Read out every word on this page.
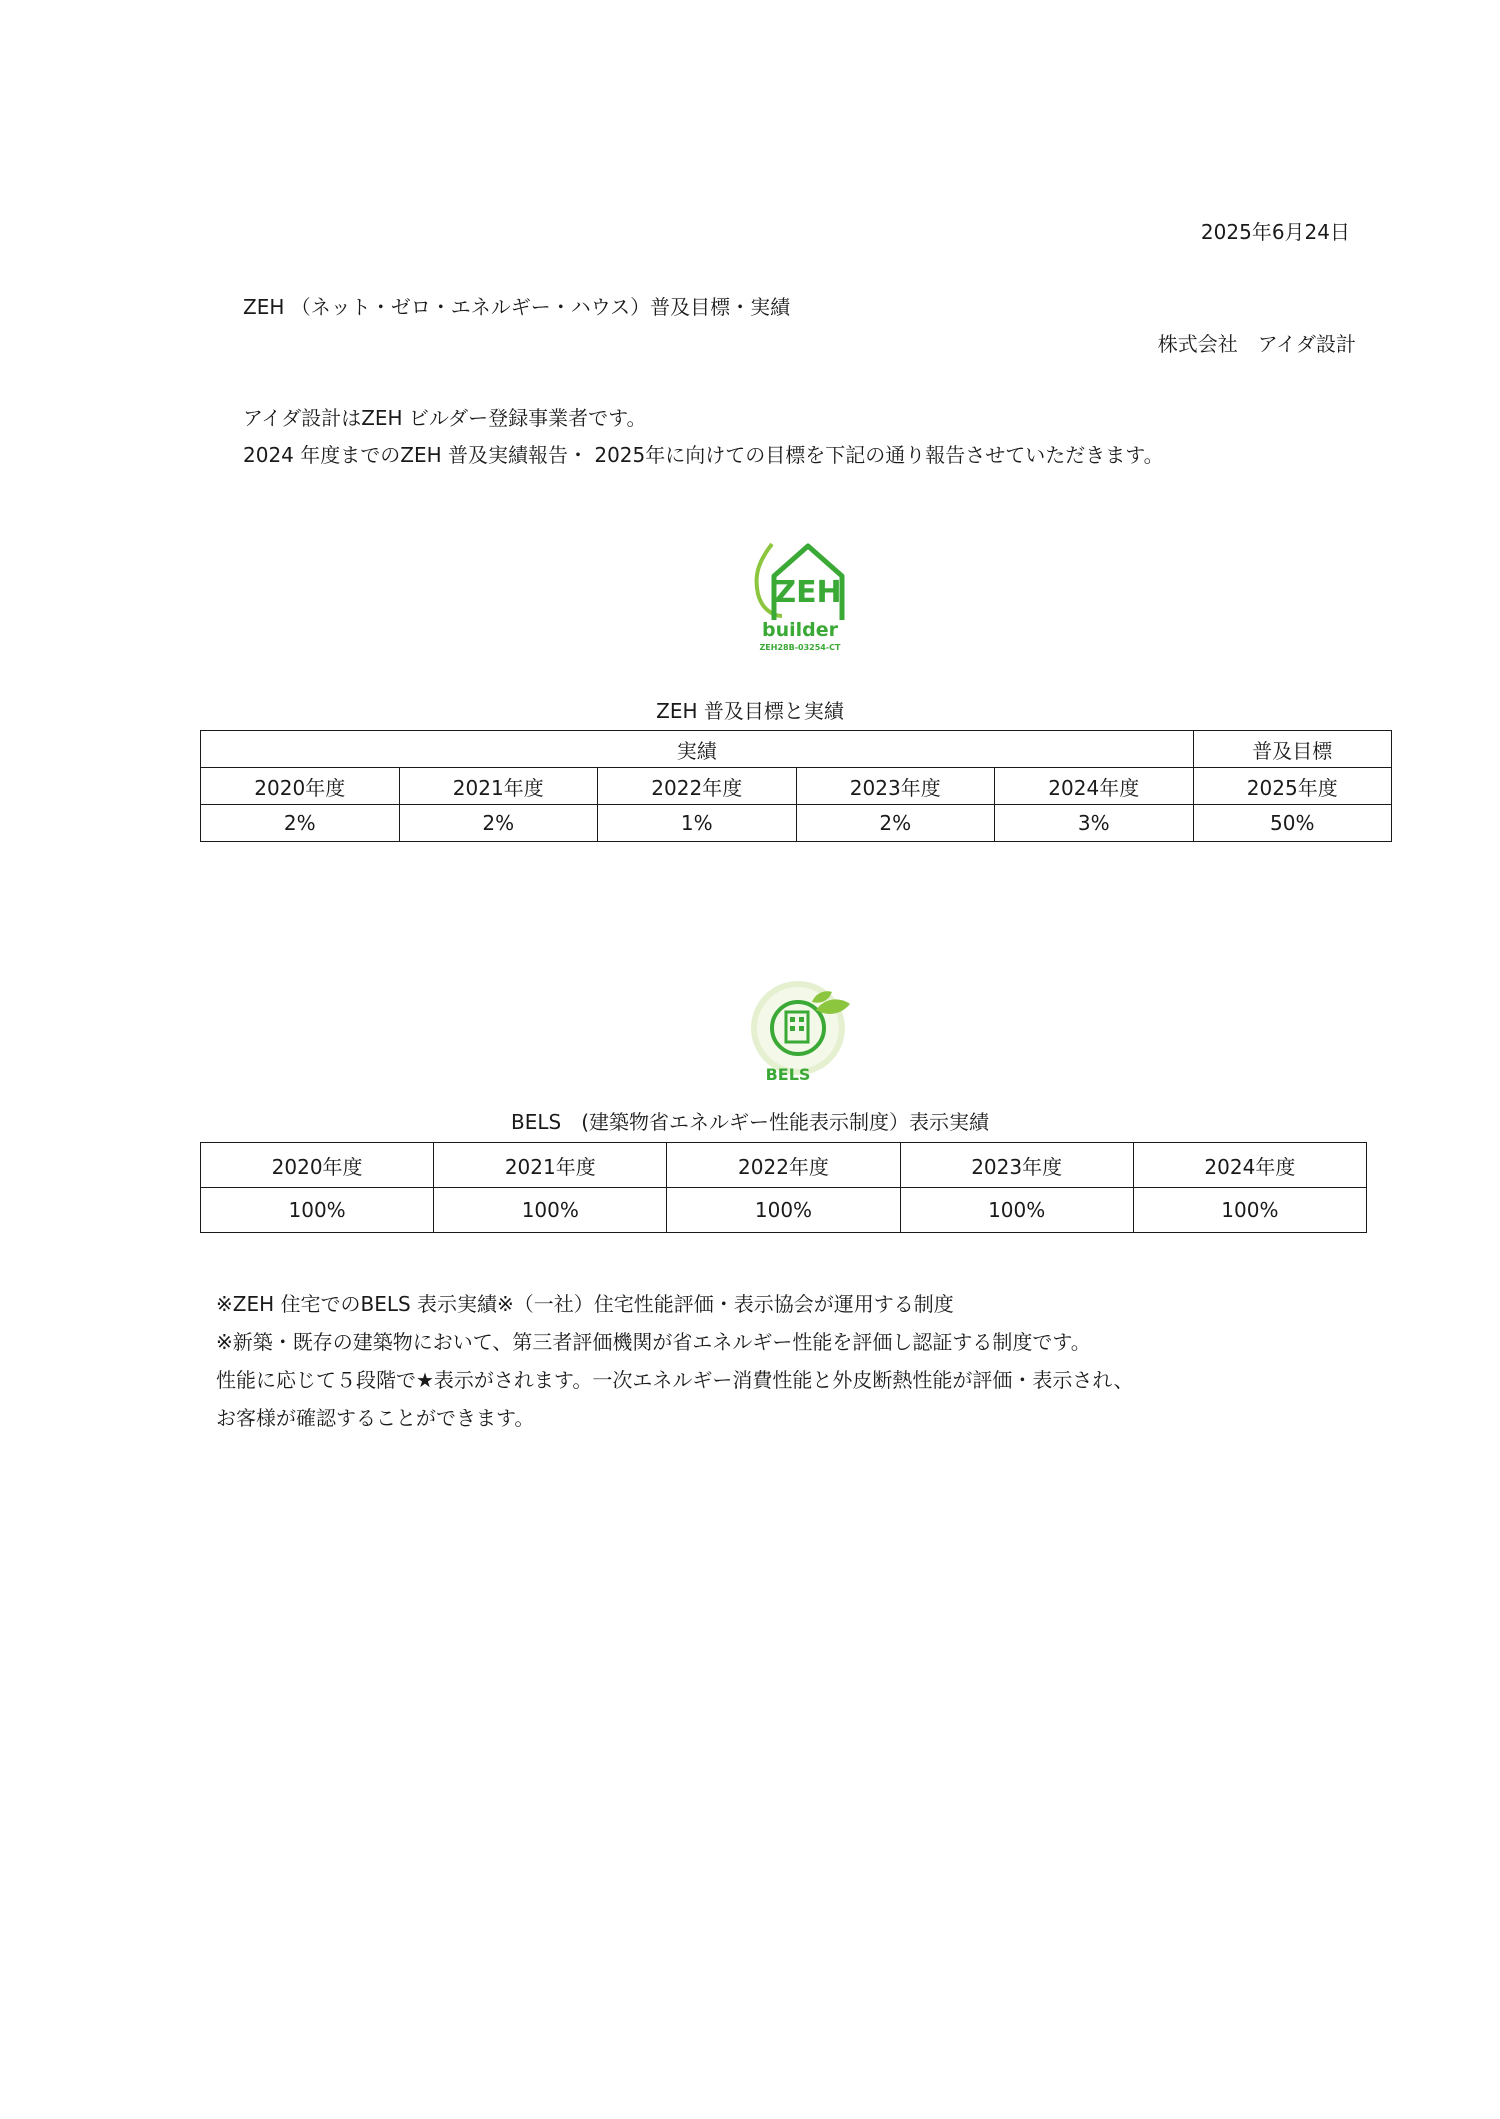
2025年6月24日
ZEH （ネット・ゼロ・エネルギー・ハウス）普及目標・実績
株式会社　アイダ設計
アイダ設計はZEH ビルダー登録事業者です。
2024 年度までのZEH 普及実績報告・ 2025年に向けての目標を下記の通り報告させていただきます。
ZEH
builder
ZEH28B-03254-CT
ZEH 普及目標と実績
実績					普及目標
2020年度	2021年度	2022年度	2023年度	2024年度	2025年度
2%	2%	1%	2%	3%	50%
BELS
BELS　(建築物省エネルギー性能表示制度）表示実績
2020年度	2021年度	2022年度	2023年度	2024年度
100%	100%	100%	100%	100%
※ZEH 住宅でのBELS 表示実績※（一社）住宅性能評価・表示協会が運用する制度
※新築・既存の建築物において、第三者評価機関が省エネルギー性能を評価し認証する制度です。
性能に応じて５段階で★表示がされます。一次エネルギー消費性能と外皮断熱性能が評価・表示され、
お客様が確認することができます。
